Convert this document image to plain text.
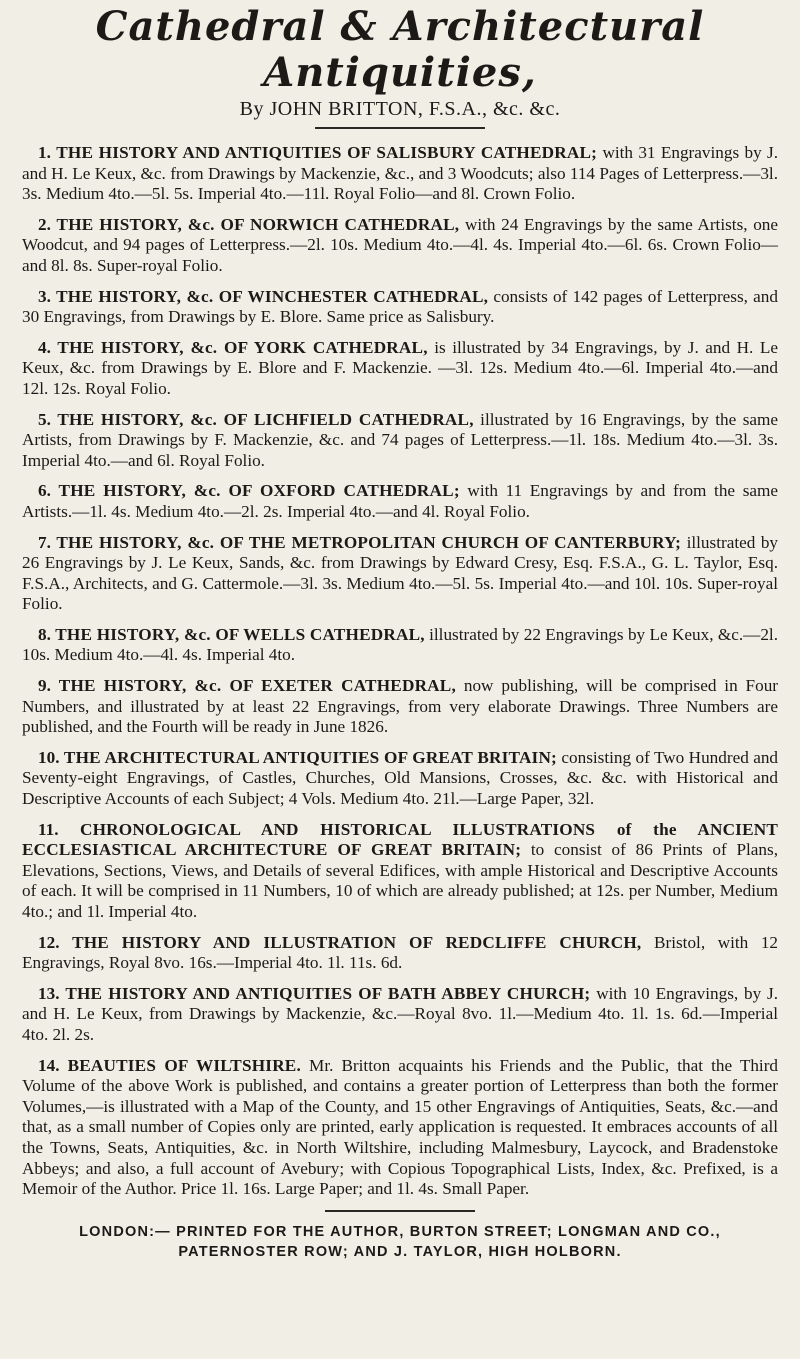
Cathedral & Architectural Antiquities,
By JOHN BRITTON, F.S.A., &c. &c.

1. THE HISTORY AND ANTIQUITIES OF SALISBURY CATHEDRAL; with 31 Engravings by J. and H. Le Keux, &c. from Drawings by Mackenzie, &c., and 3 Woodcuts; also 114 Pages of Letterpress.—3l. 3s. Medium 4to.—5l. 5s. Imperial 4to.—11l. Royal Folio—and 8l. Crown Folio.

2. THE HISTORY, &c. OF NORWICH CATHEDRAL, with 24 Engravings by the same Artists, one Woodcut, and 94 pages of Letterpress.—2l. 10s. Medium 4to.—4l. 4s. Imperial 4to.—6l. 6s. Crown Folio—and 8l. 8s. Super-royal Folio.

3. THE HISTORY, &c. OF WINCHESTER CATHEDRAL, consists of 142 pages of Letterpress, and 30 Engravings, from Drawings by E. Blore. Same price as Salisbury.

4. THE HISTORY, &c. OF YORK CATHEDRAL, is illustrated by 34 Engravings, by J. and H. Le Keux, &c. from Drawings by E. Blore and F. Mackenzie. —3l. 12s. Medium 4to.—6l. Imperial 4to.—and 12l. 12s. Royal Folio.

5. THE HISTORY, &c. OF LICHFIELD CATHEDRAL, illustrated by 16 Engravings, by the same Artists, from Drawings by F. Mackenzie, &c. and 74 pages of Letterpress.—1l. 18s. Medium 4to.—3l. 3s. Imperial 4to.—and 6l. Royal Folio.

6. THE HISTORY, &c. OF OXFORD CATHEDRAL; with 11 Engravings by and from the same Artists.—1l. 4s. Medium 4to.—2l. 2s. Imperial 4to.—and 4l. Royal Folio.

7. THE HISTORY, &c. OF THE METROPOLITAN CHURCH OF CANTERBURY; illustrated by 26 Engravings by J. Le Keux, Sands, &c. from Drawings by Edward Cresy, Esq. F.S.A., G. L. Taylor, Esq. F.S.A., Architects, and G. Cattermole.—3l. 3s. Medium 4to.—5l. 5s. Imperial 4to.—and 10l. 10s. Super-royal Folio.

8. THE HISTORY, &c. OF WELLS CATHEDRAL, illustrated by 22 Engravings by Le Keux, &c.—2l. 10s. Medium 4to.—4l. 4s. Imperial 4to.

9. THE HISTORY, &c. OF EXETER CATHEDRAL, now publishing, will be comprised in Four Numbers, and illustrated by at least 22 Engravings, from very elaborate Drawings. Three Numbers are published, and the Fourth will be ready in June 1826.

10. THE ARCHITECTURAL ANTIQUITIES OF GREAT BRITAIN; consisting of Two Hundred and Seventy-eight Engravings, of Castles, Churches, Old Mansions, Crosses, &c. &c. with Historical and Descriptive Accounts of each Subject; 4 Vols. Medium 4to. 21l.—Large Paper, 32l.

11. CHRONOLOGICAL AND HISTORICAL ILLUSTRATIONS of the ANCIENT ECCLESIASTICAL ARCHITECTURE OF GREAT BRITAIN; to consist of 86 Prints of Plans, Elevations, Sections, Views, and Details of several Edifices, with ample Historical and Descriptive Accounts of each. It will be comprised in 11 Numbers, 10 of which are already published; at 12s. per Number, Medium 4to.; and 1l. Imperial 4to.

12. THE HISTORY AND ILLUSTRATION OF REDCLIFFE CHURCH, Bristol, with 12 Engravings, Royal 8vo. 16s.—Imperial 4to. 1l. 11s. 6d.

13. THE HISTORY AND ANTIQUITIES OF BATH ABBEY CHURCH; with 10 Engravings, by J. and H. Le Keux, from Drawings by Mackenzie, &c.—Royal 8vo. 1l.—Medium 4to. 1l. 1s. 6d.—Imperial 4to. 2l. 2s.

14. BEAUTIES OF WILTSHIRE. Mr. Britton acquaints his Friends and the Public, that the Third Volume of the above Work is published, and contains a greater portion of Letterpress than both the former Volumes,—is illustrated with a Map of the County, and 15 other Engravings of Antiquities, Seats, &c.—and that, as a small number of Copies only are printed, early application is requested. It embraces accounts of all the Towns, Seats, Antiquities, &c. in North Wiltshire, including Malmesbury, Laycock, and Bradenstoke Abbeys; and also, a full account of Avebury; with Copious Topographical Lists, Index, &c. Prefixed, is a Memoir of the Author. Price 1l. 16s. Large Paper; and 1l. 4s. Small Paper.

LONDON:— PRINTED FOR THE AUTHOR, BURTON STREET; LONGMAN AND CO.,
PATERNOSTER ROW; AND J. TAYLOR, HIGH HOLBORN.
